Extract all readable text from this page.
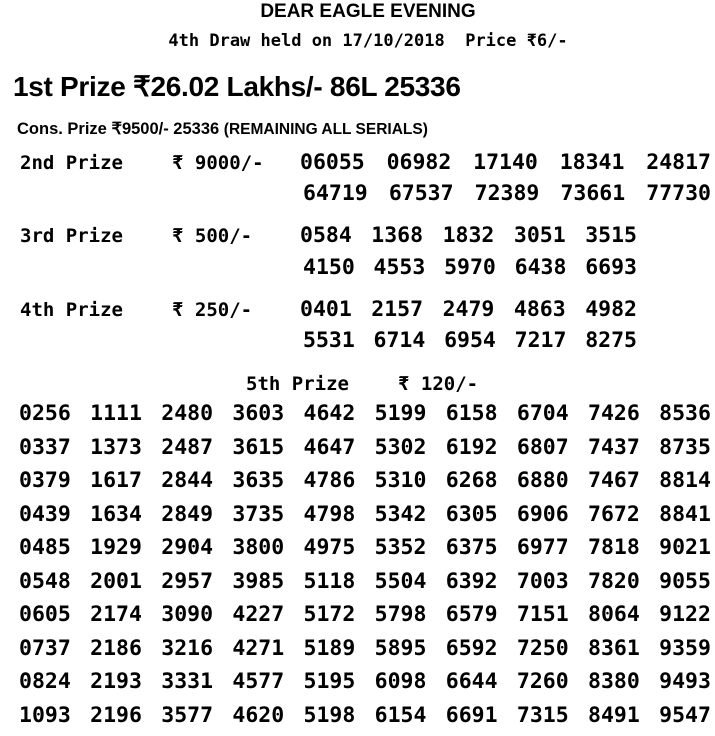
DEAR EAGLE EVENING
4th Draw held on 17/10/2018  Price ₹6/-
1st Prize ₹26.02 Lakhs/- 86L 25336
Cons. Prize ₹9500/- 25336 (REMAINING ALL SERIALS)
2nd Prize	₹ 9000/- 06055 06982 17140 18341 24817
64719 67537 72389 73661 77730
3rd Prize	₹ 500/- 0584 1368 1832 3051 3515
4150 4553 5970 6438 6693
4th Prize	₹ 250/- 0401 2157 2479 4863 4982
5531 6714 6954 7217 8275
5th Prize	₹ 120/-
0256 1111 2480 3603 4642 5199 6158 6704 7426 8536
0337 1373 2487 3615 4647 5302 6192 6807 7437 8735
0379 1617 2844 3635 4786 5310 6268 6880 7467 8814
0439 1634 2849 3735 4798 5342 6305 6906 7672 8841
0485 1929 2904 3800 4975 5352 6375 6977 7818 9021
0548 2001 2957 3985 5118 5504 6392 7003 7820 9055
0605 2174 3090 4227 5172 5798 6579 7151 8064 9122
0737 2186 3216 4271 5189 5895 6592 7250 8361 9359
0824 2193 3331 4577 5195 6098 6644 7260 8380 9493
1093 2196 3577 4620 5198 6154 6691 7315 8491 9547
